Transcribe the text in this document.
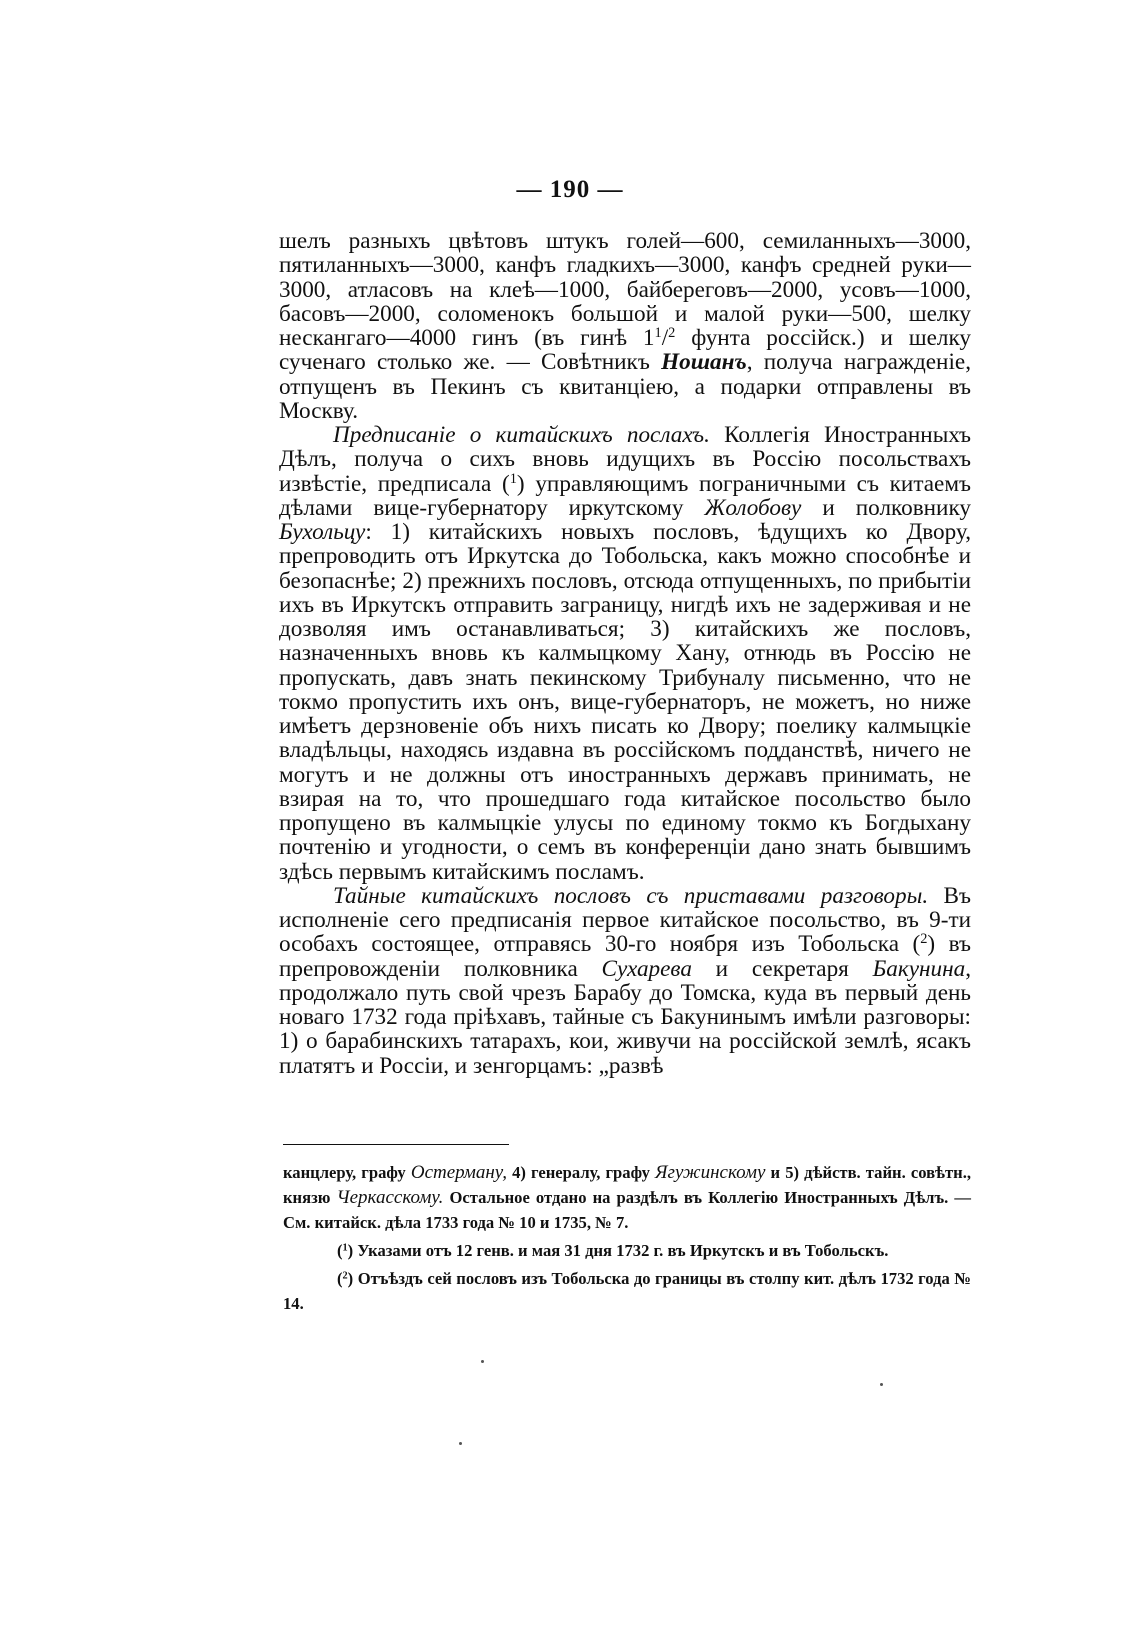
— 190 —

шелъ разныхъ цвѣтовъ штукъ голей—600, семиланныхъ—3000, пятиланныхъ—3000, канфъ гладкихъ—3000, канфъ средней руки—3000, атласовъ на клеѣ—1000, байбереговъ—2000, усовъ—1000, басовъ—2000, соломенокъ большой и малой руки—500, шелку нескангаго—4000 гинъ (въ гинѣ $1^1/^2$ фунта россійск.) и шелку сученаго столько же. — Совѣтникъ Ношанъ, получа награжденіе, отпущенъ въ Пекинъ съ квитанціею, а подарки отправлены въ Москву.

Предписаніе о китайскихъ послахъ. Коллегія Иностранныхъ Дѣлъ, получа о сихъ вновь идущихъ въ Россію посольствахъ извѣстіе, предписала ($^1$) управляющимъ пограничными съ китаемъ дѣлами вице-губернатору иркутскому Жолобову и полковнику Бухольцу: 1) китайскихъ новыхъ пословъ, ѣдущихъ ко Двору, препроводить отъ Иркутска до Тобольска, какъ можно способнѣе и безопаснѣе; 2) прежнихъ пословъ, отсюда отпущенныхъ, по прибытіи ихъ въ Иркутскъ отправить заграницу, нигдѣ ихъ не задерживая и не дозволяя имъ останавливаться; 3) китайскихъ же пословъ, назначенныхъ вновь къ калмыцкому Хану, отнюдь въ Россію не пропускать, давъ знать пекинскому Трибуналу письменно, что не токмо пропустить ихъ онъ, вице-губернаторъ, не можетъ, но ниже имѣетъ дерзновеніе объ нихъ писать ко Двору; поелику калмыцкіе владѣльцы, находясь издавна въ россійскомъ подданствѣ, ничего не могутъ и не должны отъ иностранныхъ державъ принимать, не взирая на то, что прошедшаго года китайское посольство было пропущено въ калмыцкіе улусы по единому токмо къ Богдыхану почтенію и угодности, о семъ въ конференціи дано знать бывшимъ здѣсь первымъ китайскимъ посламъ.

Тайные китайскихъ пословъ съ приставами разговоры. Въ исполненіе сего предписанія первое китайское посольство, въ 9-ти особахъ состоящее, отправясь 30-го ноября изъ Тобольска ($^2$) въ препровожденіи полковника Сухарева и секретаря Бакунина, продолжало путь свой чрезъ Барабу до Томска, куда въ первый день новаго 1732 года пріѣхавъ, тайные съ Бакунинымъ имѣли разговоры: 1) о барабинскихъ татарахъ, кои, живучи на россійской землѣ, ясакъ платятъ и Россіи, и зенгорцамъ: „развѣ

канцлеру, графу Остерману, 4) генералу, графу Ягужинскому и 5) дѣйств. тайн. совѣтн., князю Черкасскому. Остальное отдано на раздѣлъ въ Коллегію Иностранныхъ Дѣлъ. — См. китайск. дѣла 1733 года № 10 и 1735, № 7.

($^1$) Указами отъ 12 генв. и мая 31 дня 1732 г. въ Иркутскъ и въ Тобольскъ.

($^2$) Отъѣздъ сей пословъ изъ Тобольска до границы въ столпу кит. дѣлъ 1732 года № 14.
